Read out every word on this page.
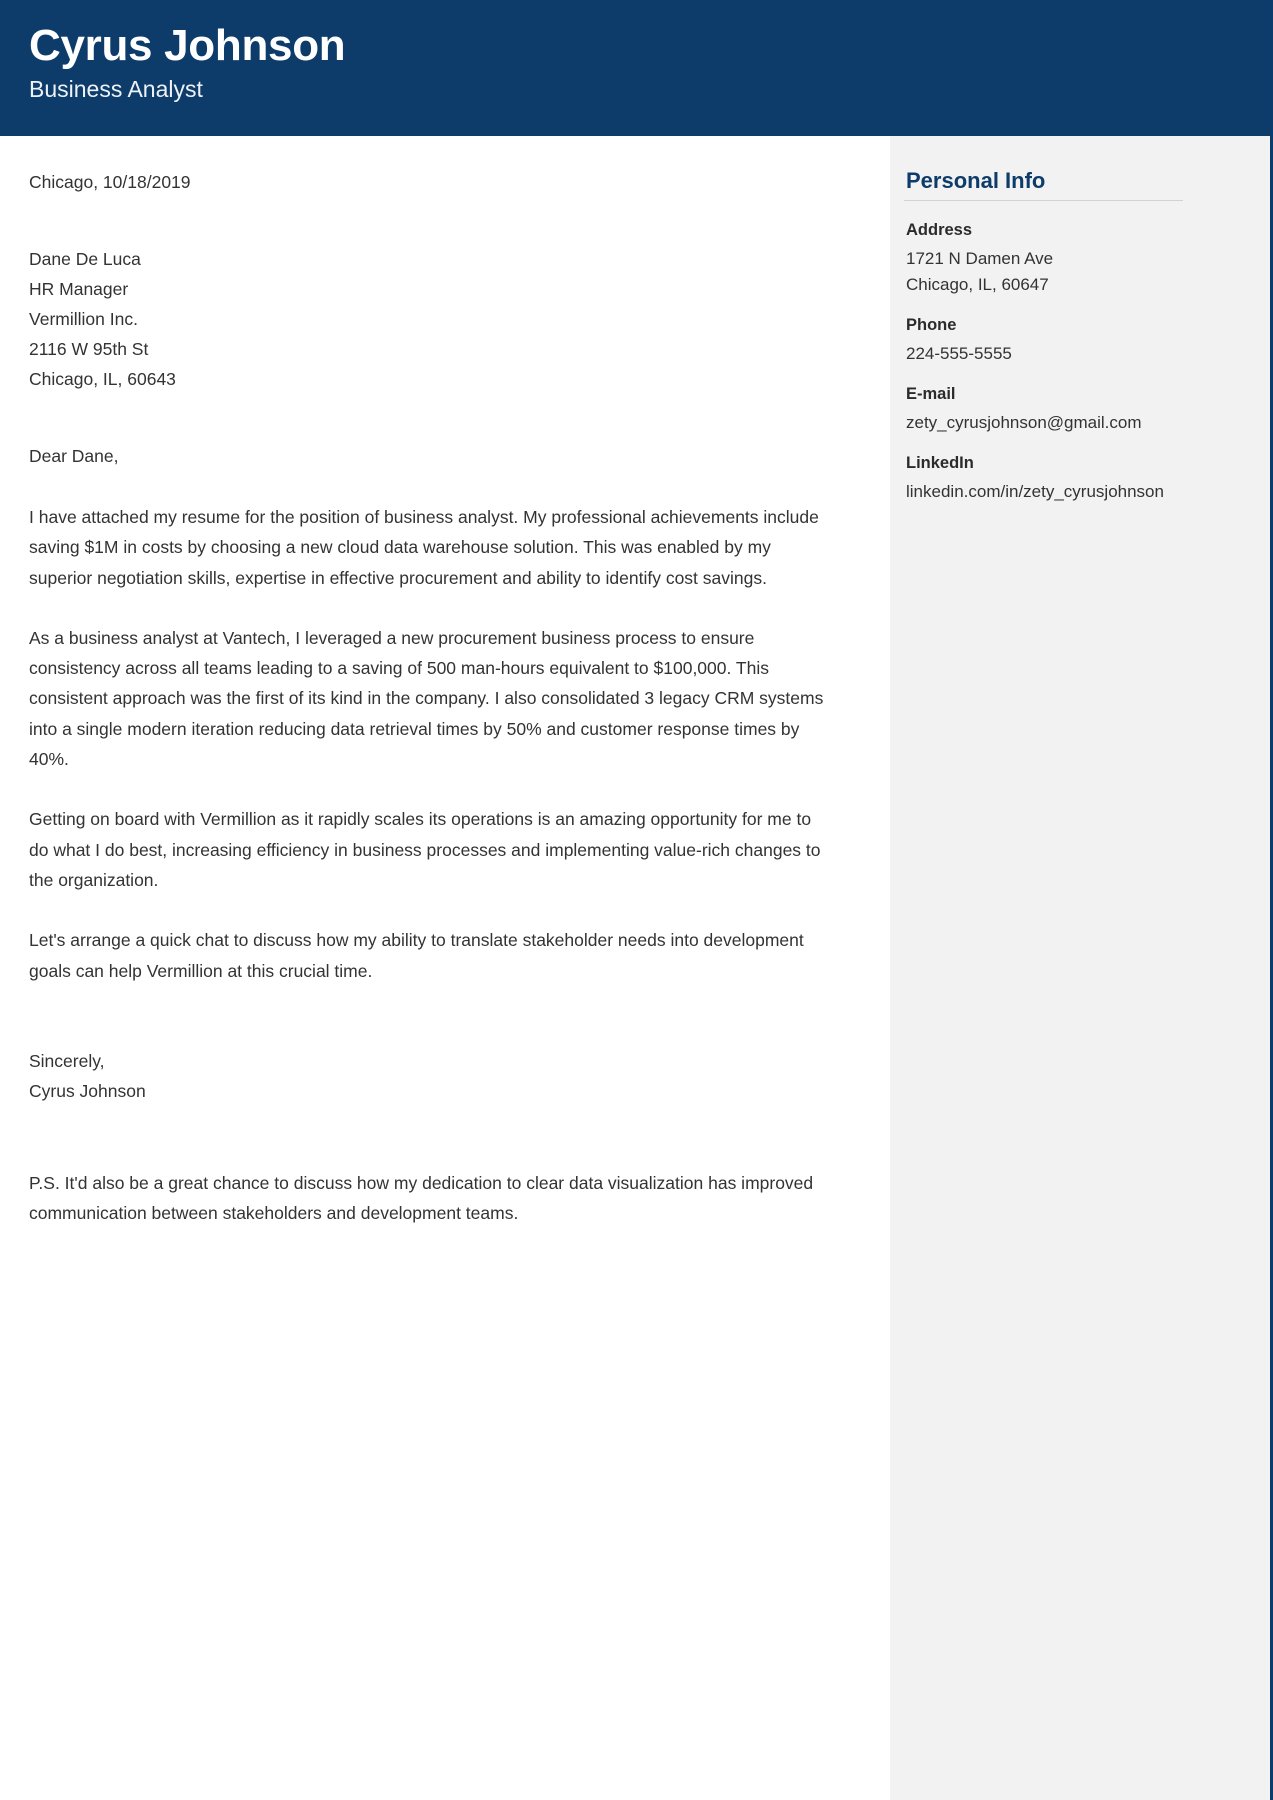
Cyrus Johnson
Business Analyst

Chicago, 10/18/2019

Dane De Luca

HR Manager

Vermillion Inc.

2116 W 95th St

Chicago, IL, 60643

Dear Dane,

I have attached my resume for the position of business analyst. My professional achievements include saving $1M in costs by choosing a new cloud data warehouse solution. This was enabled by my superior negotiation skills, expertise in effective procurement and ability to identify cost savings.

As a business analyst at Vantech, I leveraged a new procurement business process to ensure consistency across all teams leading to a saving of 500 man-hours equivalent to $100,000. This consistent approach was the first of its kind in the company. I also consolidated 3 legacy CRM systems into a single modern iteration reducing data retrieval times by 50% and customer response times by 40%.

Getting on board with Vermillion as it rapidly scales its operations is an amazing opportunity for me to do what I do best, increasing efficiency in business processes and implementing value-rich changes to the organization.

Let's arrange a quick chat to discuss how my ability to translate stakeholder needs into development goals can help Vermillion at this crucial time.

Sincerely,

Cyrus Johnson

P.S. It'd also be a great chance to discuss how my dedication to clear data visualization has improved communication between stakeholders and development teams.

Personal Info

Address

1721 N Damen Ave

Chicago, IL, 60647

Phone

224-555-5555

E-mail

zety_cyrusjohnson@gmail.com

LinkedIn

linkedin.com/in/zety_cyrusjohnson
